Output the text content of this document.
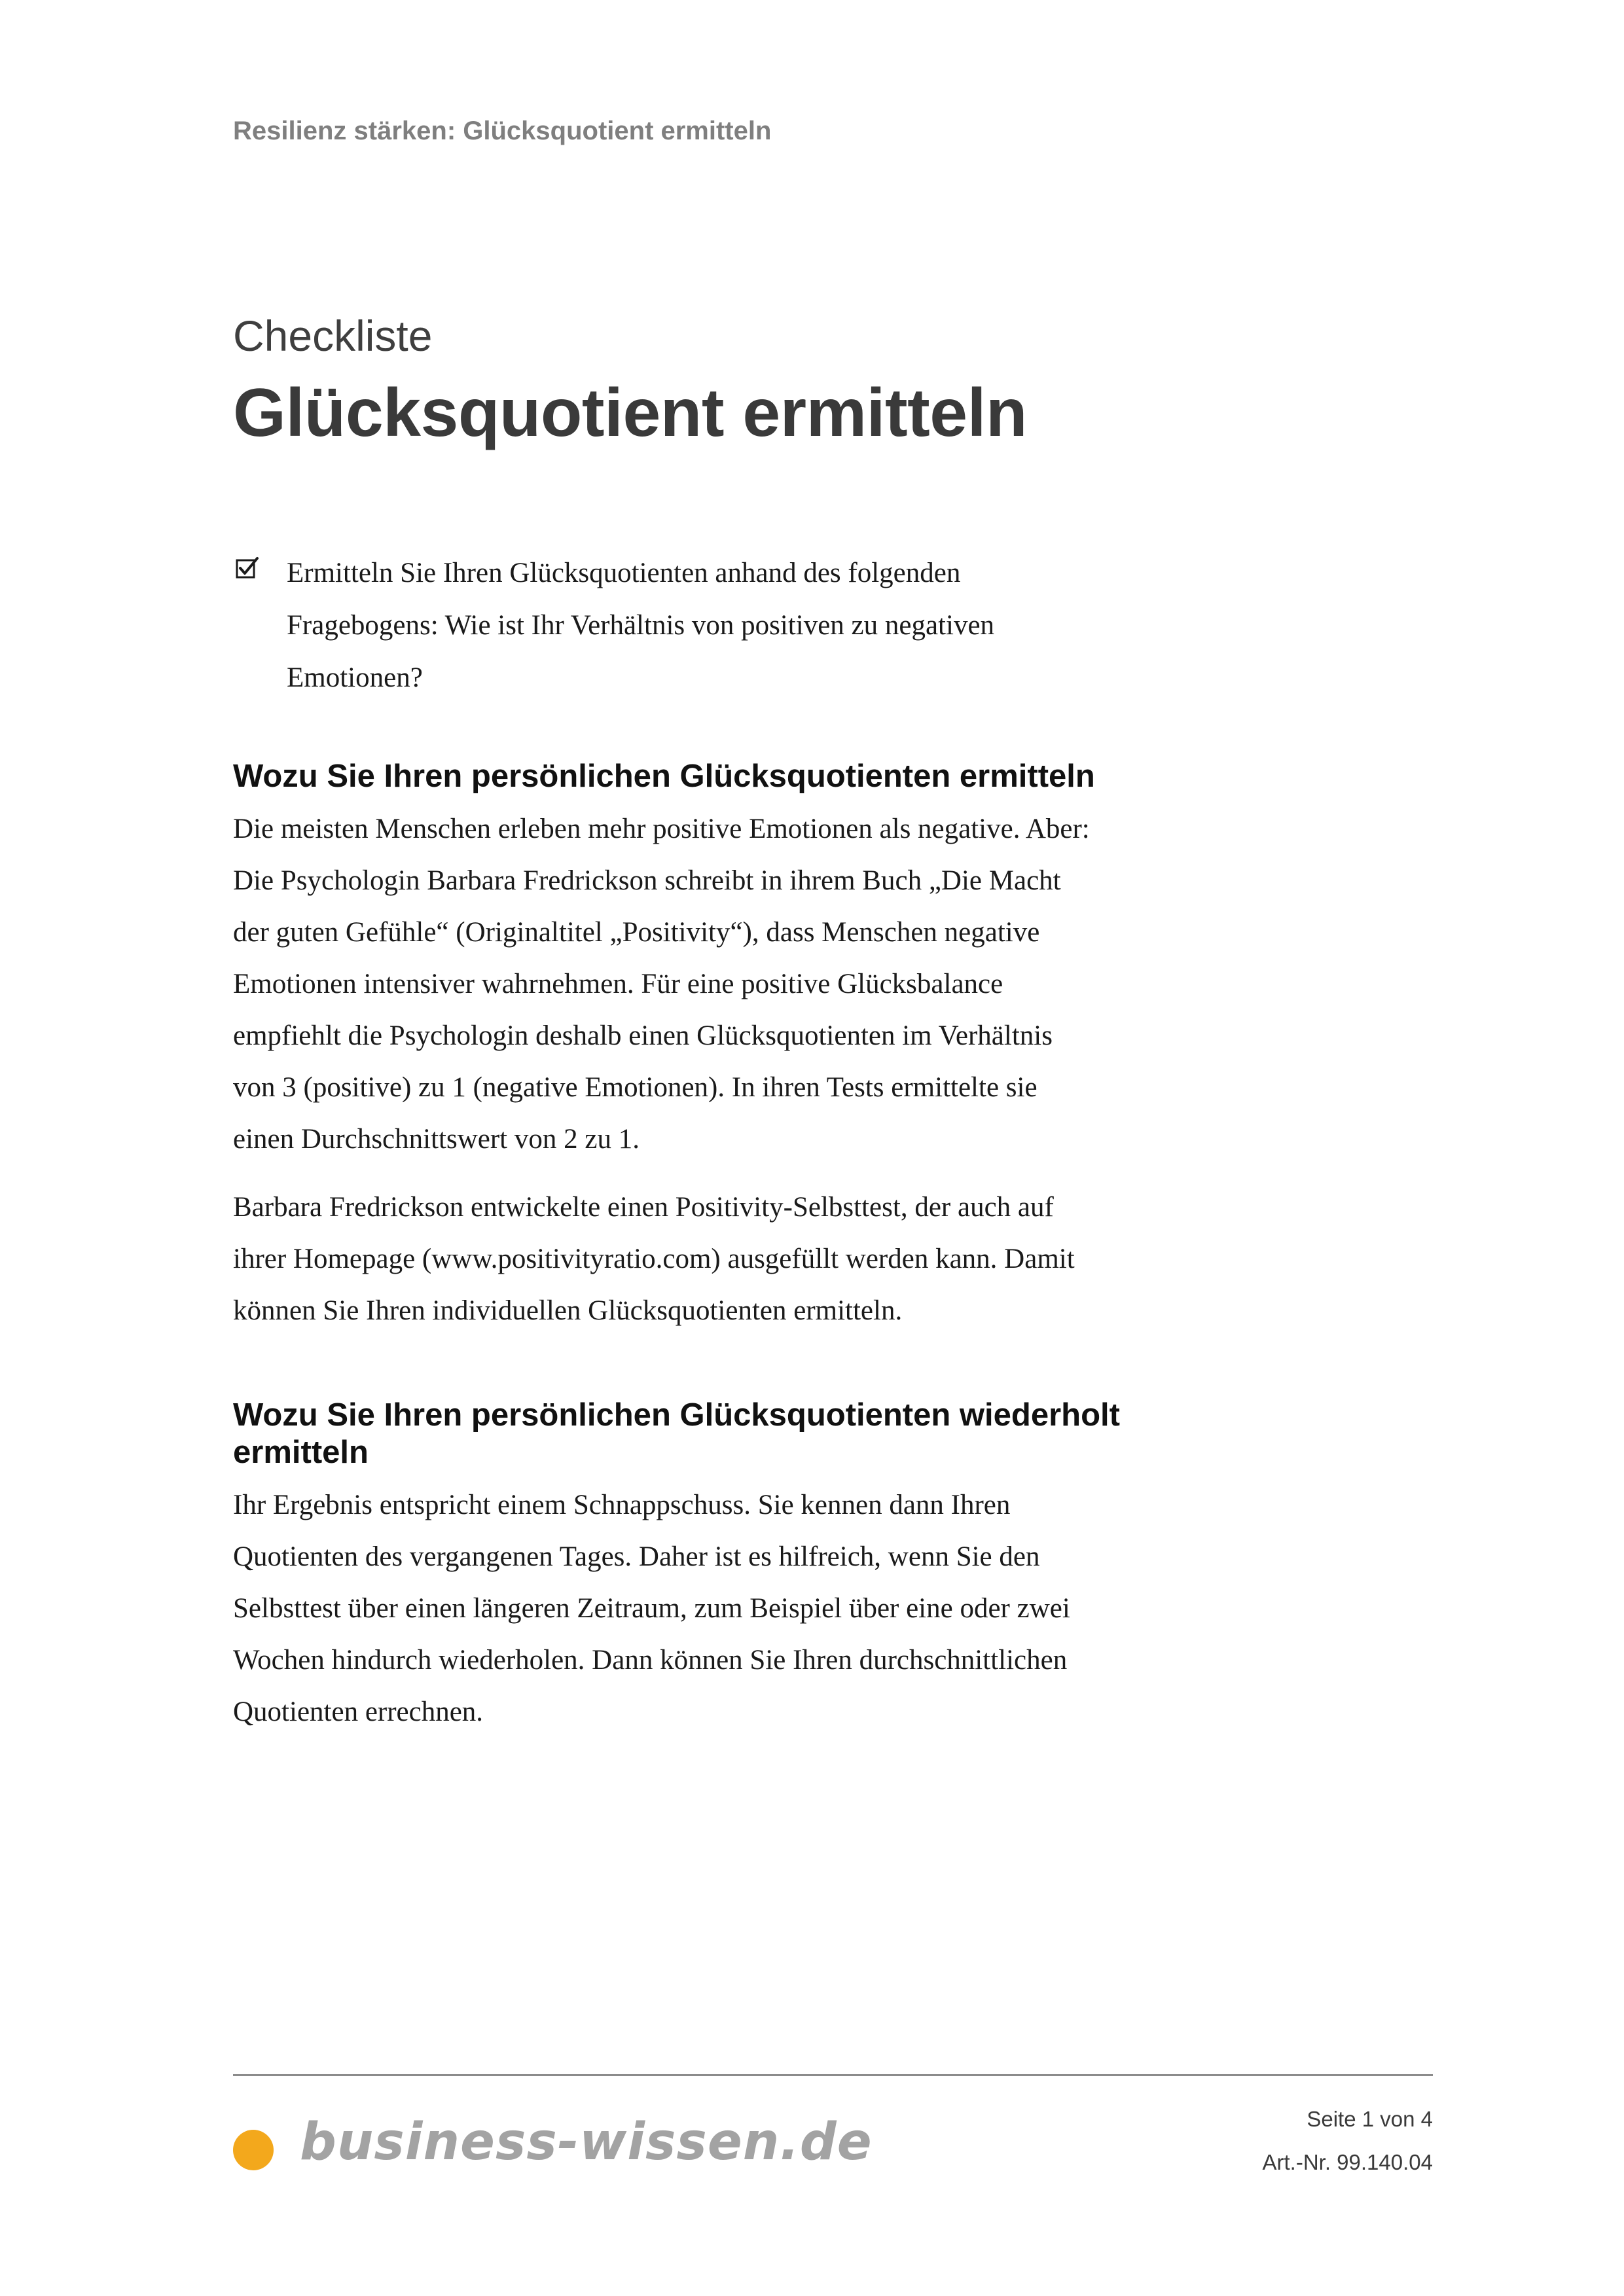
Resilienz stärken: Glücksquotient ermitteln
Checkliste
Glücksquotient ermitteln
Ermitteln Sie Ihren Glücksquotienten anhand des folgenden
Fragebogens: Wie ist Ihr Verhältnis von positiven zu negativen
Emotionen?
Wozu Sie Ihren persönlichen Glücksquotienten ermitteln

Die meisten Menschen erleben mehr positive Emotionen als negative. Aber:
Die Psychologin Barbara Fredrickson schreibt in ihrem Buch „Die Macht
der guten Gefühle“ (Originaltitel „Positivity“), dass Menschen negative
Emotionen intensiver wahrnehmen. Für eine positive Glücksbalance
empfiehlt die Psychologin deshalb einen Glücksquotienten im Verhältnis
von 3 (positive) zu 1 (negative Emotionen). In ihren Tests ermittelte sie
einen Durchschnittswert von 2 zu 1.

Barbara Fredrickson entwickelte einen Positivity-Selbsttest, der auch auf
ihrer Homepage (www.positivityratio.com) ausgefüllt werden kann. Damit
können Sie Ihren individuellen Glücksquotienten ermitteln.

Wozu Sie Ihren persönlichen Glücksquotienten wiederholt
ermitteln

Ihr Ergebnis entspricht einem Schnappschuss. Sie kennen dann Ihren
Quotienten des vergangenen Tages. Daher ist es hilfreich, wenn Sie den
Selbsttest über einen längeren Zeitraum, zum Beispiel über eine oder zwei
Wochen hindurch wiederholen. Dann können Sie Ihren durchschnittlichen
Quotienten errechnen.

business-wissen.de	Seite 1 von 4
Art.-Nr. 99.140.04
